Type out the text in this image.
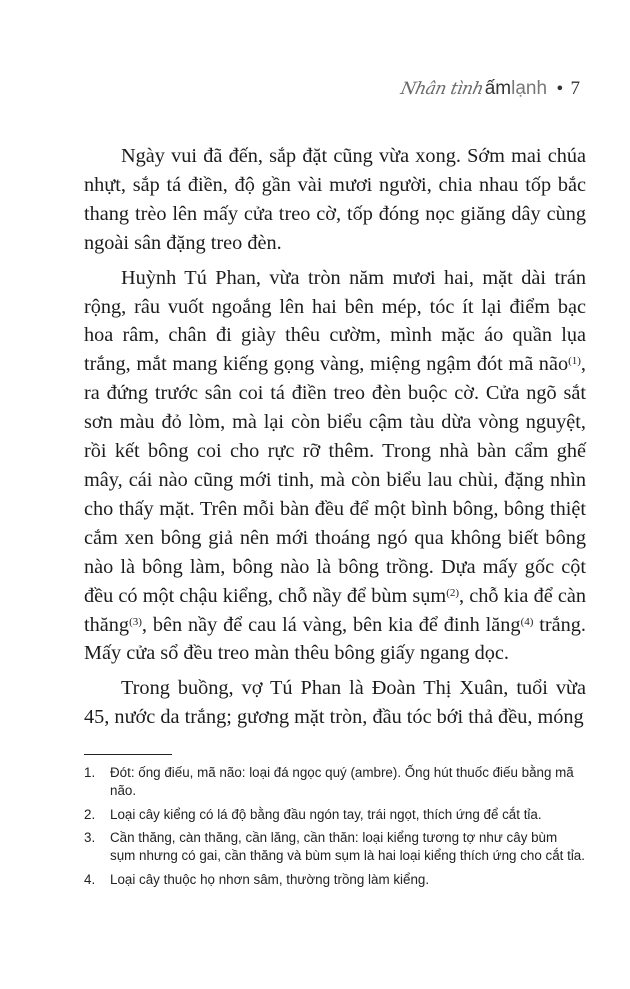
Nhân tình ấmlạnh • 7

Ngày vui đã đến, sắp đặt cũng vừa xong. Sớm mai chúa nhựt, sắp tá điền, độ gần vài mươi người, chia nhau tốp bắc thang trèo lên mấy cửa treo cờ, tốp đóng nọc giăng dây cùng ngoài sân đặng treo đèn.

Huỳnh Tú Phan, vừa tròn năm mươi hai, mặt dài trán rộng, râu vuốt ngoắng lên hai bên mép, tóc ít lại điểm bạc hoa râm, chân đi giày thêu cườm, mình mặc áo quần lụa trắng, mắt mang kiếng gọng vàng, miệng ngậm đót mã não$^{(1)}$, ra đứng trước sân coi tá điền treo đèn buộc cờ. Cửa ngõ sắt sơn màu đỏ lòm, mà lại còn biểu cậm tàu dừa vòng nguyệt, rồi kết bông coi cho rực rỡ thêm. Trong nhà bàn cẩm ghế mây, cái nào cũng mới tinh, mà còn biểu lau chùi, đặng nhìn cho thấy mặt. Trên mỗi bàn đều để một bình bông, bông thiệt cắm xen bông giả nên mới thoáng ngó qua không biết bông nào là bông làm, bông nào là bông trồng. Dựa mấy gốc cột đều có một chậu kiểng, chỗ nầy để bùm sụm$^{(2)}$, chỗ kia để càn thăng$^{(3)}$, bên nầy để cau lá vàng, bên kia để đinh lăng$^{(4)}$ trắng. Mấy cửa sổ đều treo màn thêu bông giấy ngang dọc.

Trong buồng, vợ Tú Phan là Đoàn Thị Xuân, tuổi vừa 45, nước da trắng; gương mặt tròn, đầu tóc bới thả đều, móng

1.	Đót: ống điếu, mã não: loại đá ngọc quý (ambre). Ống hút thuốc điếu bằng mã não.
2.	Loại cây kiểng có lá độ bằng đầu ngón tay, trái ngọt, thích ứng để cắt tỉa.
3.	Cần thăng, càn thăng, cần lăng, cần thăn: loại kiểng tương tợ như cây bùm sụm nhưng có gai, cần thăng và bùm sụm là hai loại kiểng thích ứng cho cắt tỉa.
4.	Loại cây thuộc họ nhơn sâm, thường trồng làm kiểng.
